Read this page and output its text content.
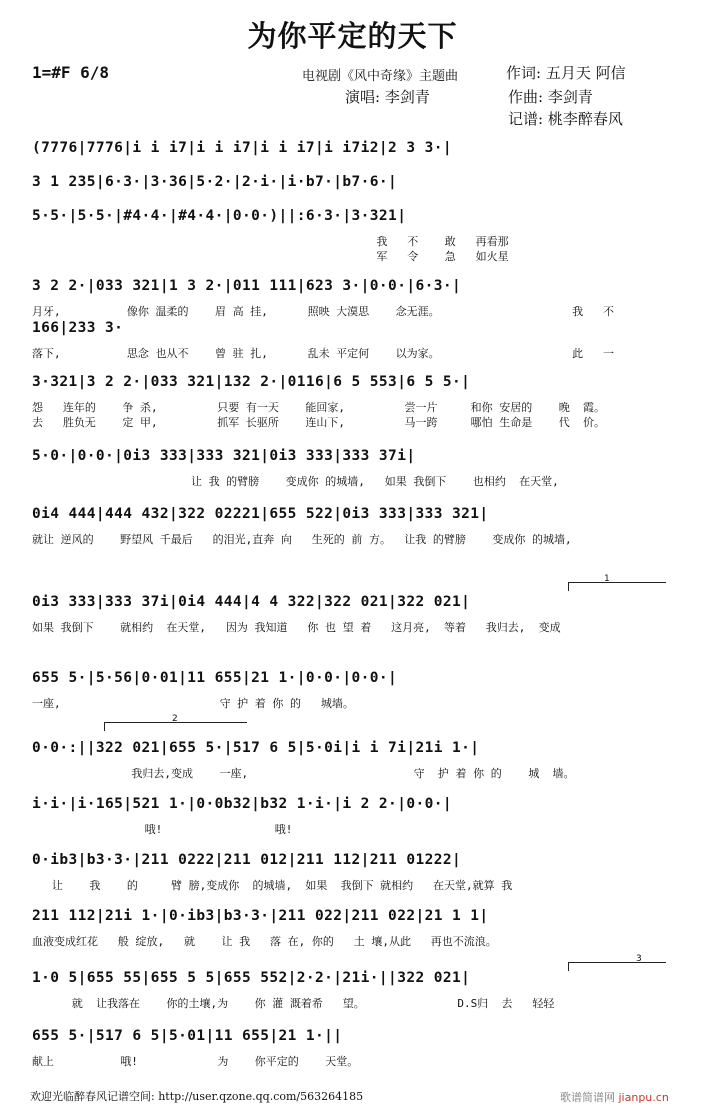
为你平定的天下
1=#F 6/8	电视剧《风中奇缘》主题曲	作词: 五月天 阿信
演唱: 李剑青	作曲: 李剑青
记谱: 桃李醉春风
(7776|7776|i i i7|i i i7|i i i7|i i7i2|2 3 3·|
3 1 235|6·3·|3·36|5·2·|2·i·|i·b7·|b7·6·|
5·5·|5·5·|#4·4·|#4·4·|0·0·)||:6·3·|3·321|
我   不    敢   再看那
军   令    急   如火星
3 2 2·|033 321|1 3 2·|011 111|623 3·|0·0·|6·3·|
月牙,          像你 温柔的    眉 高 挂,      照映 大漠思    念无涯。                    我   不
166|233 3·
落下,          思念 也从不    曾 驻 扎,      乱未 平定何    以为家。                    此   一
3·321|3 2 2·|033 321|132 2·|0116|6 5 553|6 5 5·|
怨   连年的    争 杀,         只要 有一天    能回家,         尝一片     和你 安居的    晚  霞。
去   胜负无    定 甲,         抓军 长驱所    连山下,         马一跨     哪怕 生命是    代  价。
5·0·|0·0·|0i3 333|333 321|0i3 333|333 37i|
让 我 的臂膀    变成你 的城墙,   如果 我倒下    也相约  在天堂,
0i4 444|444 432|322 02221|655 522|0i3 333|333 321|
就让 逆风的    野望风 千最后   的泪光,直奔 向   生死的 前 方。  让我 的臂膀    变成你 的城墙,
0i3 333|333 37i|0i4 444|4 4 322|322 021|322 021|
如果 我倒下    就相约  在天堂,   因为 我知道   你 也 望 着   这月亮,  等着   我归去,  变成
655 5·|5·56|0·01|11 655|21 1·|0·0·|0·0·|
一座,                        守 护 着 你 的   城墙。
0·0·:||322 021|655 5·|517 6 5|5·0i|i i 7i|21i 1·|
我归去,变成    一座,                         守  护 着 你 的    城  墙。
i·i·|i·165|521 1·|0·0b32|b32 1·i·|i 2 2·|0·0·|
哦!                 哦!
0·ib3|b3·3·|211 0222|211 012|211 112|211 01222|
让    我    的     臂 膀,变成你  的城墙,  如果  我倒下 就相约   在天堂,就算 我
211 112|21i 1·|0·ib3|b3·3·|211 022|211 022|21 1 1|
血液变成红花   般 绽放,   就    让 我   落 在, 你的   土 壤,从此   再也不流浪。
1·0 5|655 55|655 5 5|655 552|2·2·|21i·||322 021|
就  让我落在    你的土壤,为    你 灌 溉着希   望。              D.S归  去   轻轻
655 5·|517 6 5|5·01|11 655|21 1·||
献上          哦!            为    你平定的    天堂。
1
2
3
欢迎光临醉春风记谱空间: http://user.qzone.qq.com/563264185	歌谱简谱网 jianpu.cn
